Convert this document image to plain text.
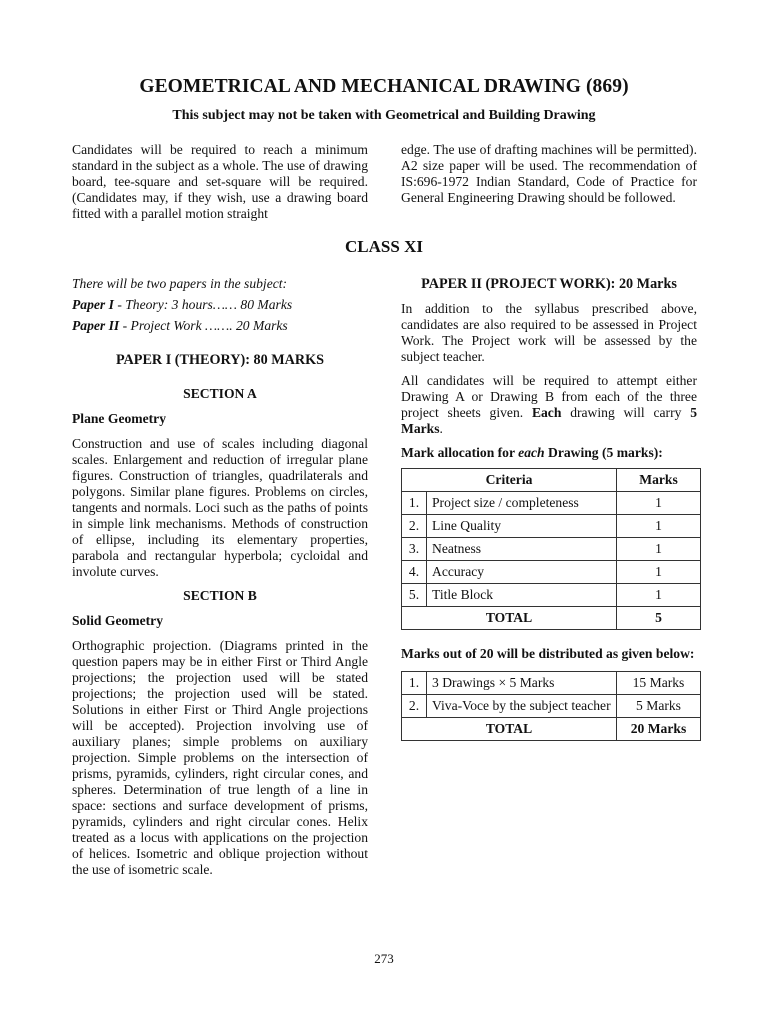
GEOMETRICAL AND MECHANICAL DRAWING (869)
This subject may not be taken with Geometrical and Building Drawing

Candidates will be required to reach a minimum standard in the subject as a whole. The use of drawing board, tee-square and set-square will be required. (Candidates may, if they wish, use a drawing board fitted with a parallel motion straight

edge. The use of drafting machines will be permitted). A2 size paper will be used. The recommendation of IS:696-1972 Indian Standard, Code of Practice for General Engineering Drawing should be followed.

CLASS XI
There will be two papers in the subject:
Paper I - Theory: 3 hours…… 80 Marks
Paper II - Project Work ……. 20 Marks
PAPER I (THEORY): 80 MARKS
SECTION A
Plane Geometry

Construction and use of scales including diagonal scales. Enlargement and reduction of irregular plane figures. Construction of triangles, quadrilaterals and polygons. Similar plane figures. Problems on circles, tangents and normals. Loci such as the paths of points in simple link mechanisms. Methods of construction of ellipse, including its elementary properties, parabola and rectangular hyperbola; cycloidal and involute curves.

SECTION B
Solid Geometry

Orthographic projection. (Diagrams printed in the question papers may be in either First or Third Angle projections; the projection used will be stated projections; the projection used will be stated. Solutions in either First or Third Angle projections will be accepted). Projection involving use of auxiliary planes; simple problems on auxiliary projection. Simple problems on the intersection of prisms, pyramids, cylinders, right circular cones, and spheres. Determination of true length of a line in space: sections and surface development of prisms, pyramids, cylinders and right circular cones. Helix treated as a locus with applications on the projection of helices. Isometric and oblique projection without the use of isometric scale.

PAPER II (PROJECT WORK): 20 Marks

In addition to the syllabus prescribed above, candidates are also required to be assessed in Project Work. The Project work will be assessed by the subject teacher.

All candidates will be required to attempt either Drawing A or Drawing B from each of the three project sheets given. Each drawing will carry 5 Marks.

Mark allocation for each Drawing (5 marks):
Criteria		Marks
1.	Project size / completeness	1
2.	Line Quality	1
3.	Neatness	1
4.	Accuracy	1
5.	Title Block	1
TOTAL		5

Marks out of 20 will be distributed as given below:

1.	3 Drawings × 5 Marks	15 Marks
2.	Viva-Voce by the subject teacher	5 Marks
TOTAL		20 Marks
273
